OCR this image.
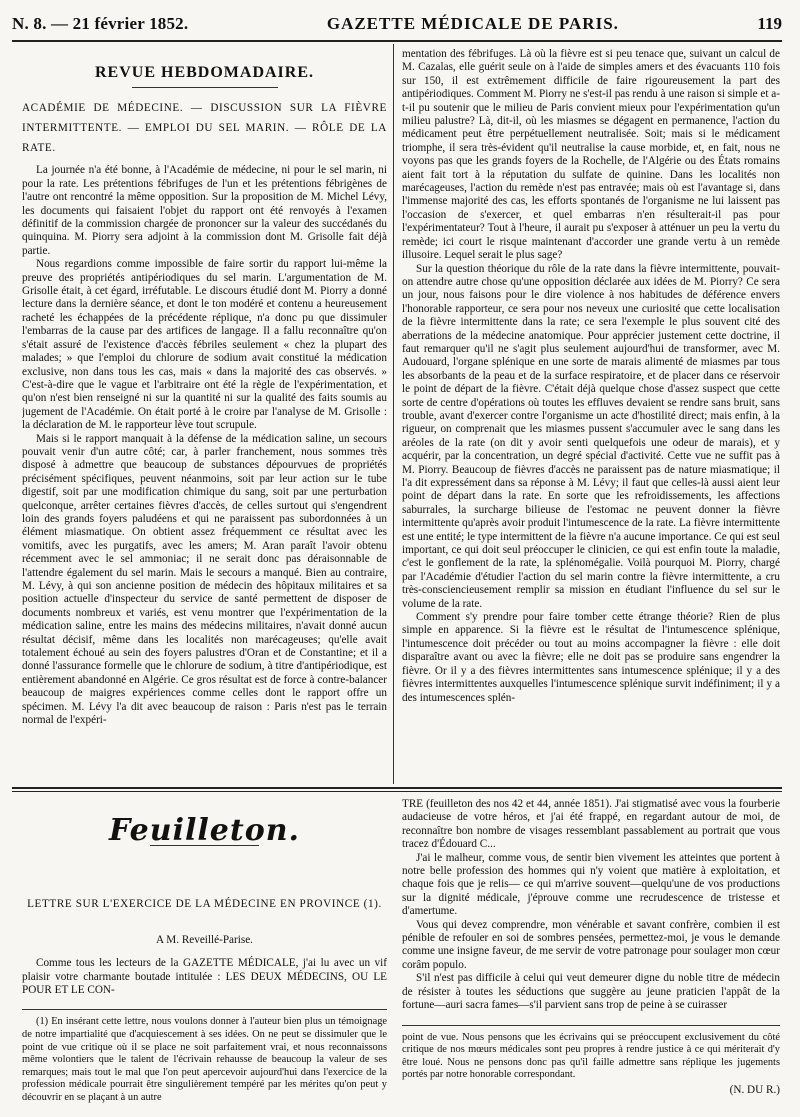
N. 8. — 21 février 1852.	GAZETTE MÉDICALE DE PARIS.	119
REVUE HEBDOMADAIRE.
ACADÉMIE DE MÉDECINE. — DISCUSSION SUR LA FIÈVRE INTERMITTENTE. — EMPLOI DU SEL MARIN. — RÔLE DE LA RATE.

La journée n'a été bonne, à l'Académie de médecine, ni pour le sel marin, ni pour la rate. Les prétentions fébrifuges de l'un et les prétentions fébrigènes de l'autre ont rencontré la même opposition. Sur la proposition de M. Michel Lévy, les documents qui faisaient l'objet du rapport ont été renvoyés à l'examen définitif de la commission chargée de prononcer sur la valeur des succédanés du quinquina. M. Piorry sera adjoint à la commission dont M. Grisolle fait déjà partie.

Nous regardions comme impossible de faire sortir du rapport lui-même la preuve des propriétés antipériodiques du sel marin. L'argumentation de M. Grisolle était, à cet égard, irréfutable. Le discours étudié dont M. Piorry a donné lecture dans la dernière séance, et dont le ton modéré et contenu a heureusement racheté les échappées de la précédente réplique, n'a donc pu que dissimuler l'embarras de la cause par des artifices de langage. Il a fallu reconnaître qu'on s'était assuré de l'existence d'accès fébriles seulement « chez la plupart des malades; » que l'emploi du chlorure de sodium avait constitué la médication exclusive, non dans tous les cas, mais « dans la majorité des cas observés. » C'est-à-dire que le vague et l'arbitraire ont été la règle de l'expérimentation, et qu'on n'est bien renseigné ni sur la quantité ni sur la qualité des faits soumis au jugement de l'Académie. On était porté à le croire par l'analyse de M. Grisolle : la déclaration de M. le rapporteur lève tout scrupule.

Mais si le rapport manquait à la défense de la médication saline, un secours pouvait venir d'un autre côté; car, à parler franchement, nous sommes très disposé à admettre que beaucoup de substances dépourvues de propriétés précisément spécifiques, peuvent néanmoins, soit par leur action sur le tube digestif, soit par une modification chimique du sang, soit par une perturbation quelconque, arrêter certaines fièvres d'accès, de celles surtout qui s'engendrent loin des grands foyers paludéens et qui ne paraissent pas subordonnées à un élément miasmatique. On obtient assez fréquemment ce résultat avec les vomitifs, avec les purgatifs, avec les amers; M. Aran paraît l'avoir obtenu récemment avec le sel ammoniac; il ne serait donc pas déraisonnable de l'attendre également du sel marin. Mais le secours a manqué. Bien au contraire, M. Lévy, à qui son ancienne position de médecin des hôpitaux militaires et sa position actuelle d'inspecteur du service de santé permettent de disposer de documents nombreux et variés, est venu montrer que l'expérimentation de la médication saline, entre les mains des médecins militaires, n'avait donné aucun résultat décisif, même dans les localités non marécageuses; qu'elle avait totalement échoué au sein des foyers palustres d'Oran et de Constantine; et il a donné l'assurance formelle que le chlorure de sodium, à titre d'antipériodique, est entièrement abandonné en Algérie. Ce gros résultat est de force à contre-balancer beaucoup de maigres expériences comme celles dont le rapport offre un spécimen. M. Lévy l'a dit avec beaucoup de raison : Paris n'est pas le terrain normal de l'expéri-

mentation des fébrifuges. Là où la fièvre est si peu tenace que, suivant un calcul de M. Cazalas, elle guérit seule on à l'aide de simples amers et des évacuants 110 fois sur 150, il est extrêmement difficile de faire rigoureusement la part des antipériodiques. Comment M. Piorry ne s'est-il pas rendu à une raison si simple et a-t-il pu soutenir que le milieu de Paris convient mieux pour l'expérimentation qu'un milieu palustre? Là, dit-il, où les miasmes se dégagent en permanence, l'action du médicament peut être perpétuellement neutralisée. Soit; mais si le médicament triomphe, il sera très-évident qu'il neutralise la cause morbide, et, en fait, nous ne voyons pas que les grands foyers de la Rochelle, de l'Algérie ou des États romains aient fait tort à la réputation du sulfate de quinine. Dans les localités non marécageuses, l'action du remède n'est pas entravée; mais où est l'avantage si, dans l'immense majorité des cas, les efforts spontanés de l'organisme ne lui laissent pas l'occasion de s'exercer, et quel embarras n'en résulterait-il pas pour l'expérimentateur? Tout à l'heure, il aurait pu s'exposer à atténuer un peu la vertu du remède; ici court le risque maintenant d'accorder une grande vertu à un remède illusoire. Lequel serait le plus sage?

Sur la question théorique du rôle de la rate dans la fièvre intermittente, pouvait-on attendre autre chose qu'une opposition déclarée aux idées de M. Piorry? Ce sera un jour, nous faisons pour le dire violence à nos habitudes de déférence envers l'honorable rapporteur, ce sera pour nos neveux une curiosité que cette localisation de la fièvre intermittente dans la rate; ce sera l'exemple le plus souvent cité des aberrations de la médecine anatomique. Pour apprécier justement cette doctrine, il faut remarquer qu'il ne s'agit plus seulement aujourd'hui de transformer, avec M. Audouard, l'organe splénique en une sorte de marais alimenté de miasmes par tous les absorbants de la peau et de la surface respiratoire, et de placer dans ce réservoir le point de départ de la fièvre. C'était déjà quelque chose d'assez suspect que cette sorte de centre d'opérations où toutes les effluves devaient se rendre sans bruit, sans trouble, avant d'exercer contre l'organisme un acte d'hostilité direct; mais enfin, à la rigueur, on comprenait que les miasmes pussent s'accumuler avec le sang dans les aréoles de la rate (on dit y avoir senti quelquefois une odeur de marais), et y acquérir, par la concentration, un degré spécial d'activité. Cette vue ne suffit pas à M. Piorry. Beaucoup de fièvres d'accès ne paraissent pas de nature miasmatique; il l'a dit expressément dans sa réponse à M. Lévy; il faut que celles-là aussi aient leur point de départ dans la rate. En sorte que les refroidissements, les affections saburrales, la surcharge bilieuse de l'estomac ne peuvent donner la fièvre intermittente qu'après avoir produit l'intumescence de la rate. La fièvre intermittente est une entité; le type intermittent de la fièvre n'a aucune importance. Ce qui est seul important, ce qui doit seul préoccuper le clinicien, ce qui est enfin toute la maladie, c'est le gonflement de la rate, la splénomégalie. Voilà pourquoi M. Piorry, chargé par l'Académie d'étudier l'action du sel marin contre la fièvre intermittente, a cru très-consciencieusement remplir sa mission en étudiant l'influence du sel sur le volume de la rate.

Comment s'y prendre pour faire tomber cette étrange théorie? Rien de plus simple en apparence. Si la fièvre est le résultat de l'intumescence splénique, l'intumescence doit précéder ou tout au moins accompagner la fièvre : elle doit disparaître avant ou avec la fièvre; elle ne doit pas se produire sans engendrer la fièvre. Or il y a des fièvres intermittentes sans intumescence splénique; il y a des fièvres intermittentes auxquelles l'intumescence splénique survit indéfiniment; il y a des intumescences splén-

Feuilleton.
LETTRE SUR L'EXERCICE DE LA MÉDECINE EN PROVINCE (1).
A M. Reveillé-Parise.

Comme tous les lecteurs de la GAZETTE MÉDICALE, j'ai lu avec un vif plaisir votre charmante boutade intitulée : LES DEUX MÉDECINS, OU LE POUR ET LE CON-

(1) En insérant cette lettre, nous voulons donner à l'auteur bien plus un témoignage de notre impartialité que d'acquiescement à ses idées. On ne peut se dissimuler que le point de vue critique où il se place ne soit parfaitement vrai, et nous reconnaissons même volontiers que le talent de l'écrivain rehausse de beaucoup la valeur de ses remarques; mais tout le mal que l'on peut apercevoir aujourd'hui dans l'exercice de la profession médicale pourrait être singulièrement tempéré par les mérites qu'on peut y découvrir en se plaçant à un autre

TRE (feuilleton des nos 42 et 44, année 1851). J'ai stigmatisé avec vous la fourberie audacieuse de votre héros, et j'ai été frappé, en regardant autour de moi, de reconnaître bon nombre de visages ressemblant passablement au portrait que vous tracez d'Édouard C...

J'ai le malheur, comme vous, de sentir bien vivement les atteintes que portent à notre belle profession des hommes qui n'y voient que matière à exploitation, et chaque fois que je relis— ce qui m'arrive souvent—quelqu'une de vos productions sur la dignité médicale, j'éprouve comme une recrudescence de tristesse et d'amertume.

Vous qui devez comprendre, mon vénérable et savant confrère, combien il est pénible de refouler en soi de sombres pensées, permettez-moi, je vous le demande comme une insigne faveur, de me servir de votre patronage pour soulager mon cœur corâm populo.

S'il n'est pas difficile à celui qui veut demeurer digne du noble titre de médecin de résister à toutes les séductions que suggère au jeune praticien l'appât de la fortune—auri sacra fames—s'il parvient sans trop de peine à se cuirasser

point de vue. Nous pensons que les écrivains qui se préoccupent exclusivement du côté critique de nos mœurs médicales sont peu propres à rendre justice à ce qui mériterait d'y être loué. Nous ne pensons donc pas qu'il faille admettre sans réplique les jugements portés par notre honorable correspondant.

(N. DU R.)
